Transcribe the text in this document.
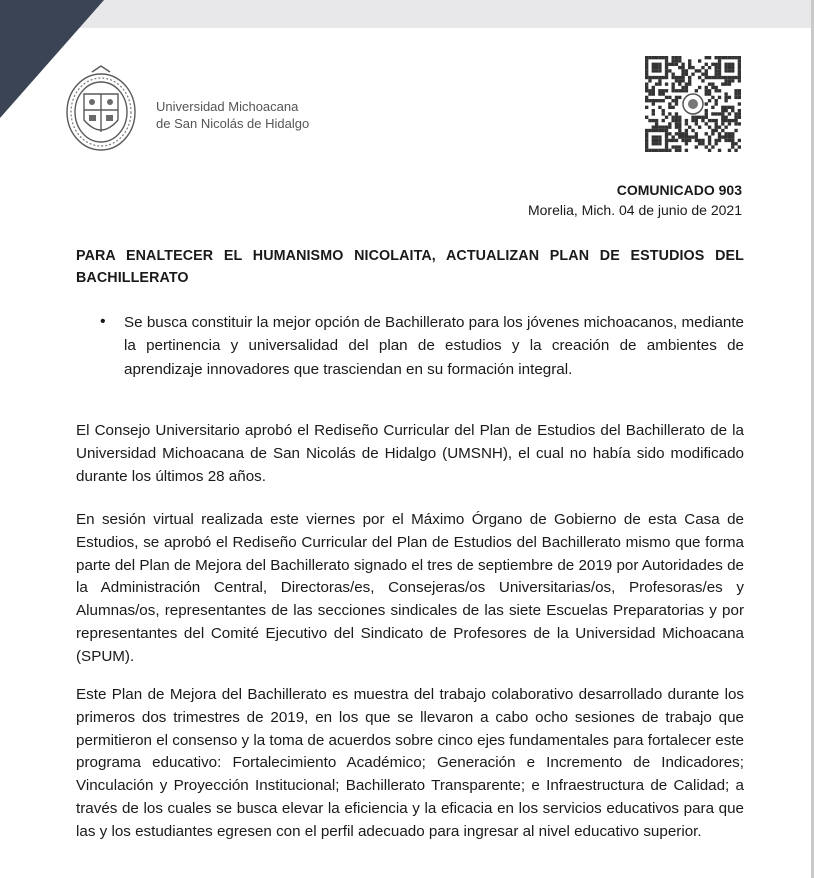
Universidad Michoacana
de San Nicolás de Hidalgo
COMUNICADO 903
Morelia, Mich. 04 de junio de 2021
PARA ENALTECER EL HUMANISMO NICOLAITA, ACTUALIZAN PLAN DE ESTUDIOS DEL BACHILLERATO
• Se busca constituir la mejor opción de Bachillerato para los jóvenes michoacanos, mediante la pertinencia y universalidad del plan de estudios y la creación de ambientes de aprendizaje innovadores que trasciendan en su formación integral.
El Consejo Universitario aprobó el Rediseño Curricular del Plan de Estudios del Bachillerato de la Universidad Michoacana de San Nicolás de Hidalgo (UMSNH), el cual no había sido modificado durante los últimos 28 años.
En sesión virtual realizada este viernes por el Máximo Órgano de Gobierno de esta Casa de Estudios, se aprobó el Rediseño Curricular del Plan de Estudios del Bachillerato mismo que forma parte del Plan de Mejora del Bachillerato signado el tres de septiembre de 2019 por Autoridades de la Administración Central, Directoras/es, Consejeras/os Universitarias/os, Profesoras/es y Alumnas/os, representantes de las secciones sindicales de las siete Escuelas Preparatorias y por representantes del Comité Ejecutivo del Sindicato de Profesores de la Universidad Michoacana (SPUM).
Este Plan de Mejora del Bachillerato es muestra del trabajo colaborativo desarrollado durante los primeros dos trimestres de 2019, en los que se llevaron a cabo ocho sesiones de trabajo que permitieron el consenso y la toma de acuerdos sobre cinco ejes fundamentales para fortalecer este programa educativo: Fortalecimiento Académico; Generación e Incremento de Indicadores; Vinculación y Proyección Institucional; Bachillerato Transparente; e Infraestructura de Calidad; a través de los cuales se busca elevar la eficiencia y la eficacia en los servicios educativos para que las y los estudiantes egresen con el perfil adecuado para ingresar al nivel educativo superior.
